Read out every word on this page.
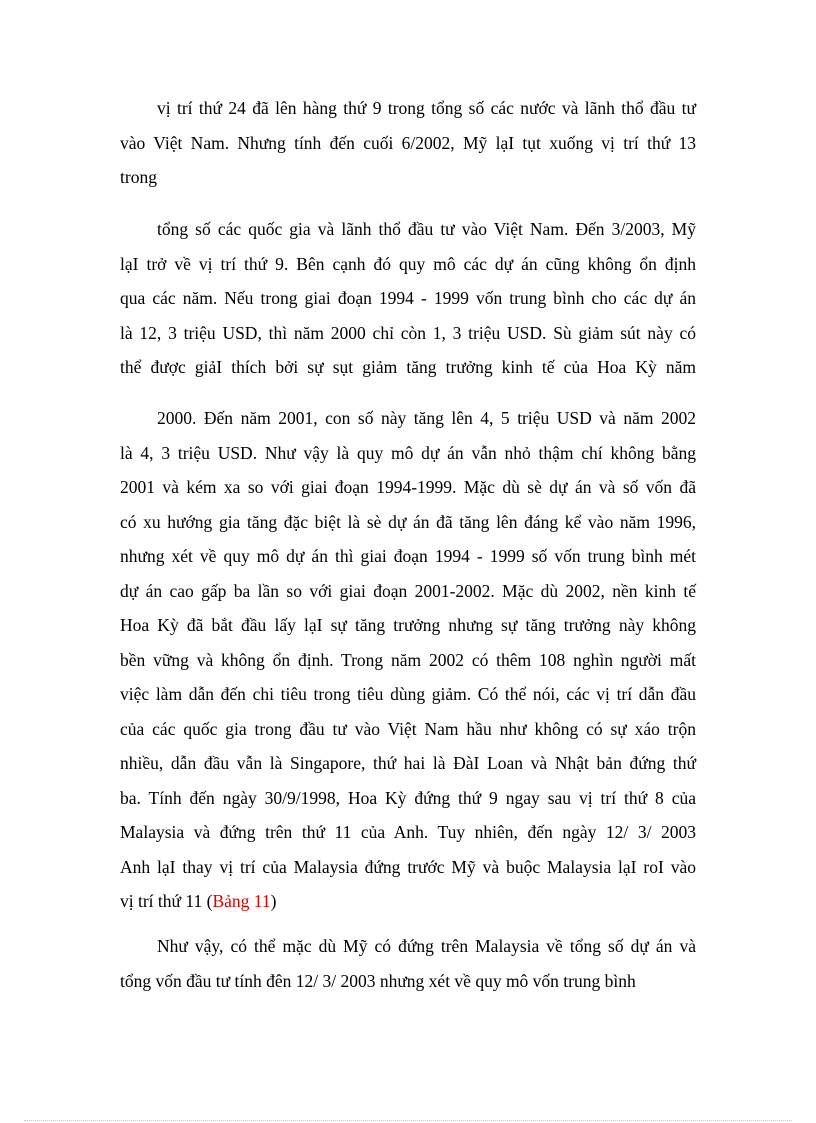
vị trí thứ 24 đã lên hàng thứ 9 trong tổng số các nước và lãnh thổ đầu tư
vào Việt Nam. Nhưng tính đến cuối 6/2002, Mỹ lạI tụt xuống vị trí thứ 13
trong
tổng số các quốc gia và lãnh thổ đầu tư vào Việt Nam. Đến 3/2003, Mỹ
lạI trở về vị trí thứ 9. Bên cạnh đó quy mô các dự án cũng không ổn định
qua các năm. Nếu trong giai đoạn 1994 - 1999 vốn trung bình cho các dự án
là 12, 3 triệu USD, thì năm 2000 chỉ còn 1, 3 triệu USD. Sù giảm sút này có
thể được giảI thích bởi sự sụt giảm tăng trưởng kinh tế của Hoa Kỳ năm
2000. Đến năm 2001, con số này tăng lên 4, 5 triệu USD và năm 2002
là 4, 3 triệu USD. Như vậy là quy mô dự án vẫn nhỏ thậm chí không bằng
2001 và kém xa so với giai đoạn 1994-1999. Mặc dù sè dự án và số vốn đã
có xu hướng gia tăng đặc biệt là sè dự án đã tăng lên đáng kể vào năm 1996,
nhưng xét về quy mô dự án thì giai đoạn 1994 - 1999 số vốn trung bình mét
dự án cao gấp ba lần so với giai đoạn 2001-2002. Mặc dù 2002, nền kinh tế
Hoa Kỳ đã bắt đầu lấy lạI sự tăng trưởng nhưng sự tăng trưởng này không
bền vững và không ổn định. Trong năm 2002 có thêm 108 nghìn người mất
việc làm dẫn đến chi tiêu trong tiêu dùng giảm. Có thể nói, các vị trí dẫn đầu
của các quốc gia trong đầu tư vào Việt Nam hầu như không có sự xáo trộn
nhiều, dẫn đầu vẫn là Singapore, thứ hai là ĐàI Loan và Nhật bản đứng thứ
ba. Tính đến ngày 30/9/1998, Hoa Kỳ đứng thứ 9 ngay sau vị trí thứ 8 của
Malaysia và đứng trên thứ 11 của Anh. Tuy nhiên, đến ngày 12/ 3/ 2003
Anh lạI thay vị trí của Malaysia đứng trước Mỹ và buộc Malaysia lạI roI vào
vị trí thứ 11 (Bảng 11)
Như vậy, có thể mặc dù Mỹ có đứng trên Malaysia về tổng số dự án và
tổng vốn đầu tư tính đên 12/ 3/ 2003 nhưng xét về quy mô vốn trung bình
